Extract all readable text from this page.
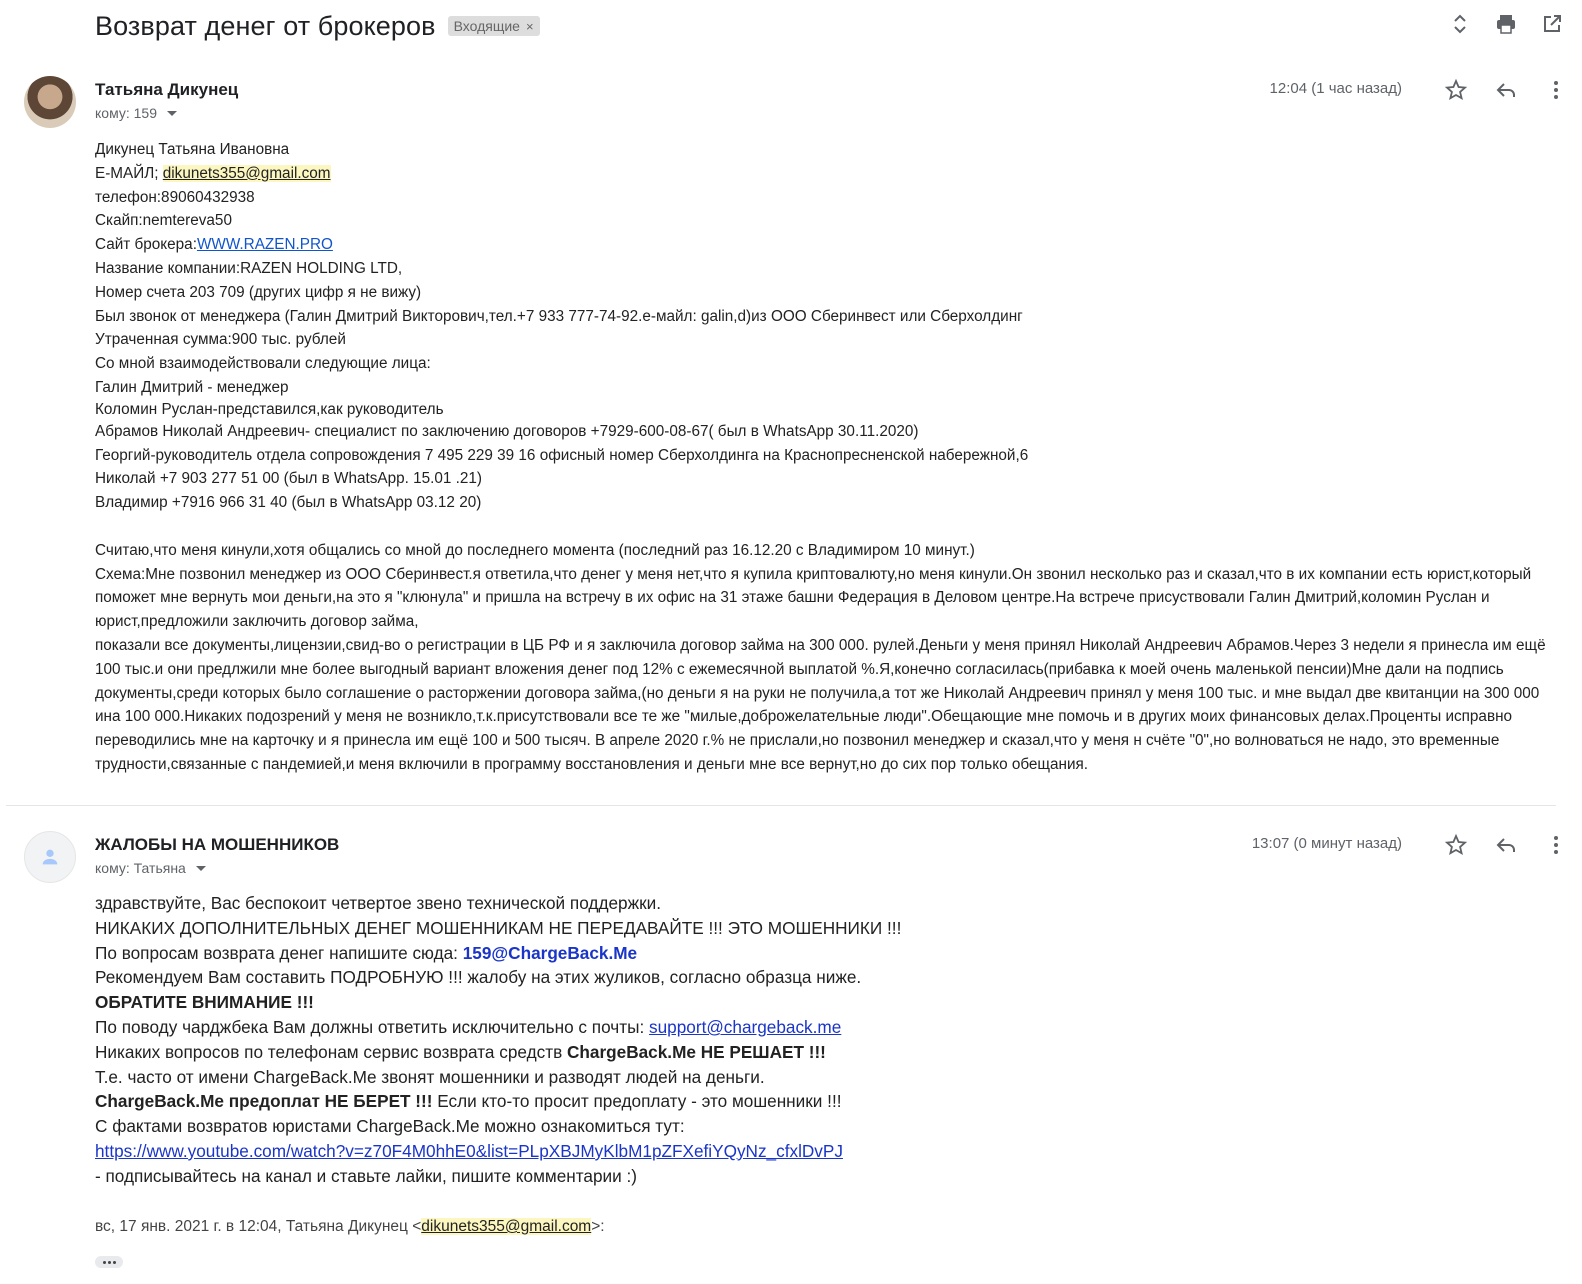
Возврат денег от брокеров Входящие ×
Татьяна Дикунец
кому: 159
12:04 (1 час назад)
Дикунец Татьяна Ивановна
Е-МАЙЛ; dikunets355@gmail.com
телефон:89060432938
Скайп:nemtereva50
Сайт брокера:WWW.RAZEN.PRO
Название компании:RAZEN HOLDING LTD,
Номер счета 203 709 (других цифр я не вижу)
Был звонок от менеджера (Галин Дмитрий Викторович,тел.+7 933 777-74-92.е-майл: galin,d)из ООО Сберинвест или Сберхолдинг
Утраченная сумма:900 тыс. рублей
Со мной взаимодействовали следующие лица:
Галин Дмитрий - менеджер
Коломин Руслан-представился,как руководитель
Абрамов Николай Андреевич- специалист по заключению договоров +7929-600-08-67( был в WhatsApp 30.11.2020)
Георгий-руководитель отдела сопровождения 7 495 229 39 16 офисный номер Сберхолдинга на Краснопресненской набережной,6
Николай +7 903 277 51 00 (был в WhatsApp. 15.01 .21)
Владимир +7916 966 31 40 (был в WhatsApp 03.12 20)
Считаю,что меня кинули,хотя общались со мной до последнего момента (последний раз 16.12.20 с Владимиром 10 минут.)
Схема:Мне позвонил менеджер из ООО Сберинвест.я ответила,что денег у меня нет,что я купила криптовалюту,но меня кинули.Он звонил несколько раз и сказал,что в их компании есть юрист,который поможет мне вернуть мои деньги,на это я "клюнула" и пришла на встречу в их офис на 31 этаже башни Федерация в Деловом центре.На встрече присуствовали Галин Дмитрий,коломин Руслан и юрист,предложили заключить договор займа,
показали все документы,лицензии,свид-во о регистрации в ЦБ РФ и я заключила договор займа на 300 000. рулей.Деньги у меня принял Николай Андреевич Абрамов.Через 3 недели я принесла им ещё 100 тыс.и они предлжили мне более выгодный вариант вложения денег под 12% с ежемесячной выплатой %.Я,конечно согласилась(прибавка к моей очень маленькой пенсии)Мне дали на подпись документы,среди которых было соглашение о расторжении договора займа,(но деньги я на руки не получила,а тот же Николай Андреевич принял у меня 100 тыс. и мне выдал две квитанции на 300 000 ина 100 000.Никаких подозрений у меня не возникло,т.к.присутствовали все те же "милые,доброжелательные люди".Обещающие мне помочь и в других моих финансовых делах.Проценты исправно переводились мне на карточку и я принесла им ещё 100 и 500 тысяч. В апреле 2020 г.% не прислали,но позвонил менеджер и сказал,что у меня н счёте "0",но волноваться не надо, это временные трудности,связанные с пандемией,и меня включили в программу восстановления и деньги мне все вернут,но до сих пор только обещания.
ЖАЛОБЫ НА МОШЕННИКОВ
кому: Татьяна
13:07 (0 минут назад)
здравствуйте, Вас беспокоит четвертое звено технической поддержки.
НИКАКИХ ДОПОЛНИТЕЛЬНЫХ ДЕНЕГ МОШЕННИКАМ НЕ ПЕРЕДАВАЙТЕ !!! ЭТО МОШЕННИКИ !!!
По вопросам возврата денег напишите сюда: 159@ChargeBack.Me
Рекомендуем Вам составить ПОДРОБНУЮ !!! жалобу на этих жуликов, согласно образца ниже.
ОБРАТИТЕ ВНИМАНИЕ !!!
По поводу чарджбека Вам должны ответить исключительно с почты: support@chargeback.me
Никаких вопросов по телефонам сервис возврата средств ChargeBack.Me НЕ РЕШАЕТ !!!
Т.е. часто от имени ChargeBack.Me звонят мошенники и разводят людей на деньги.
ChargeBack.Me предоплат НЕ БЕРЕТ !!! Если кто-то просит предоплату - это мошенники !!!
С фактами возвратов юристами ChargeBack.Me можно ознакомиться тут:
https://www.youtube.com/watch?v=z70F4M0hhE0&list=PLpXBJMyKlbM1pZFXefiYQyNz_cfxlDvPJ
- подписывайтесь на канал и ставьте лайки, пишите комментарии :)
вс, 17 янв. 2021 г. в 12:04, Татьяна Дикунец <dikunets355@gmail.com>:
